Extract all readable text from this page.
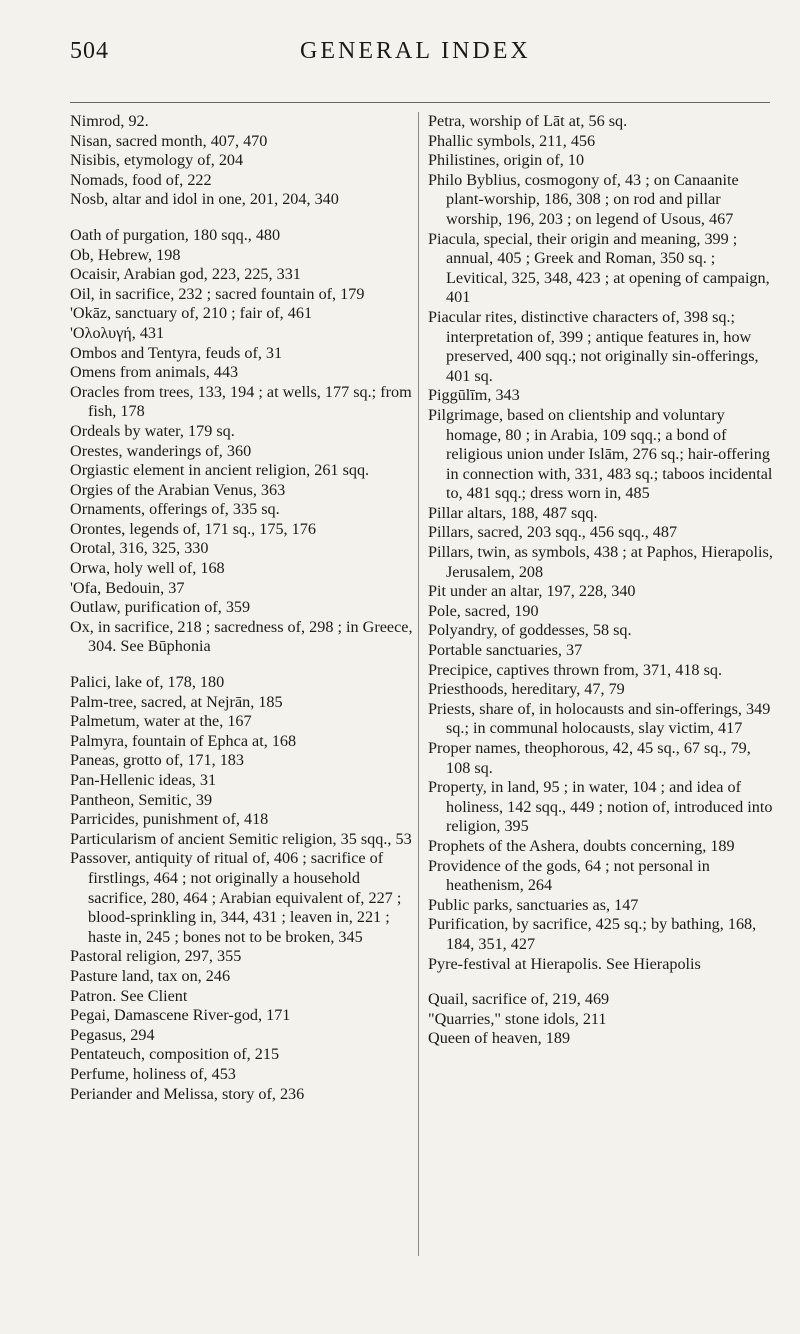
504	GENERAL INDEX
Nimrod, 92.
Nisan, sacred month, 407, 470
Nisibis, etymology of, 204
Nomads, food of, 222
Nosb, altar and idol in one, 201, 204, 340
Oath of purgation, 180 sqq., 480
Ob, Hebrew, 198
Ocaisir, Arabian god, 223, 225, 331
Oil, in sacrifice, 232 ; sacred fountain of, 179
'Okāz, sanctuary of, 210 ; fair of, 461
'Ολολυγή, 431
Ombos and Tentyra, feuds of, 31
Omens from animals, 443
Oracles from trees, 133, 194 ; at wells, 177 sq.; from fish, 178
Ordeals by water, 179 sq.
Orestes, wanderings of, 360
Orgiastic element in ancient religion, 261 sqq.
Orgies of the Arabian Venus, 363
Ornaments, offerings of, 335 sq.
Orontes, legends of, 171 sq., 175, 176
Orotal, 316, 325, 330
Orwa, holy well of, 168
'Ofa, Bedouin, 37
Outlaw, purification of, 359
Ox, in sacrifice, 218 ; sacredness of, 298 ; in Greece, 304. See Būphonia
Palici, lake of, 178, 180
Palm-tree, sacred, at Nejrān, 185
Palmetum, water at the, 167
Palmyra, fountain of Ephca at, 168
Paneas, grotto of, 171, 183
Pan-Hellenic ideas, 31
Pantheon, Semitic, 39
Parricides, punishment of, 418
Particularism of ancient Semitic religion, 35 sqq., 53
Passover, antiquity of ritual of, 406 ; sacrifice of firstlings, 464 ; not originally a household sacrifice, 280, 464 ; Arabian equivalent of, 227 ; blood-sprinkling in, 344, 431 ; leaven in, 221 ; haste in, 245 ; bones not to be broken, 345
Pastoral religion, 297, 355
Pasture land, tax on, 246
Patron. See Client
Pegai, Damascene River-god, 171
Pegasus, 294
Pentateuch, composition of, 215
Perfume, holiness of, 453
Periander and Melissa, story of, 236
Petra, worship of Lāt at, 56 sq.
Phallic symbols, 211, 456
Philistines, origin of, 10
Philo Byblius, cosmogony of, 43 ; on Canaanite plant-worship, 186, 308 ; on rod and pillar worship, 196, 203 ; on legend of Usous, 467
Piacula, special, their origin and meaning, 399 ; annual, 405 ; Greek and Roman, 350 sq. ; Levitical, 325, 348, 423 ; at opening of campaign, 401
Piacular rites, distinctive characters of, 398 sq.; interpretation of, 399 ; antique features in, how preserved, 400 sqq.; not originally sin-offerings, 401 sq.
Piggūlīm, 343
Pilgrimage, based on clientship and voluntary homage, 80 ; in Arabia, 109 sqq.; a bond of religious union under Islām, 276 sq.; hair-offering in connection with, 331, 483 sq.; taboos incidental to, 481 sqq.; dress worn in, 485
Pillar altars, 188, 487 sqq.
Pillars, sacred, 203 sqq., 456 sqq., 487
Pillars, twin, as symbols, 438 ; at Paphos, Hierapolis, Jerusalem, 208
Pit under an altar, 197, 228, 340
Pole, sacred, 190
Polyandry, of goddesses, 58 sq.
Portable sanctuaries, 37
Precipice, captives thrown from, 371, 418 sq.
Priesthoods, hereditary, 47, 79
Priests, share of, in holocausts and sin-offerings, 349 sq.; in communal holocausts, slay victim, 417
Proper names, theophorous, 42, 45 sq., 67 sq., 79, 108 sq.
Property, in land, 95 ; in water, 104 ; and idea of holiness, 142 sqq., 449 ; notion of, introduced into religion, 395
Prophets of the Ashera, doubts concerning, 189
Providence of the gods, 64 ; not personal in heathenism, 264
Public parks, sanctuaries as, 147
Purification, by sacrifice, 425 sq.; by bathing, 168, 184, 351, 427
Pyre-festival at Hierapolis. See Hierapolis
Quail, sacrifice of, 219, 469
"Quarries," stone idols, 211
Queen of heaven, 189
